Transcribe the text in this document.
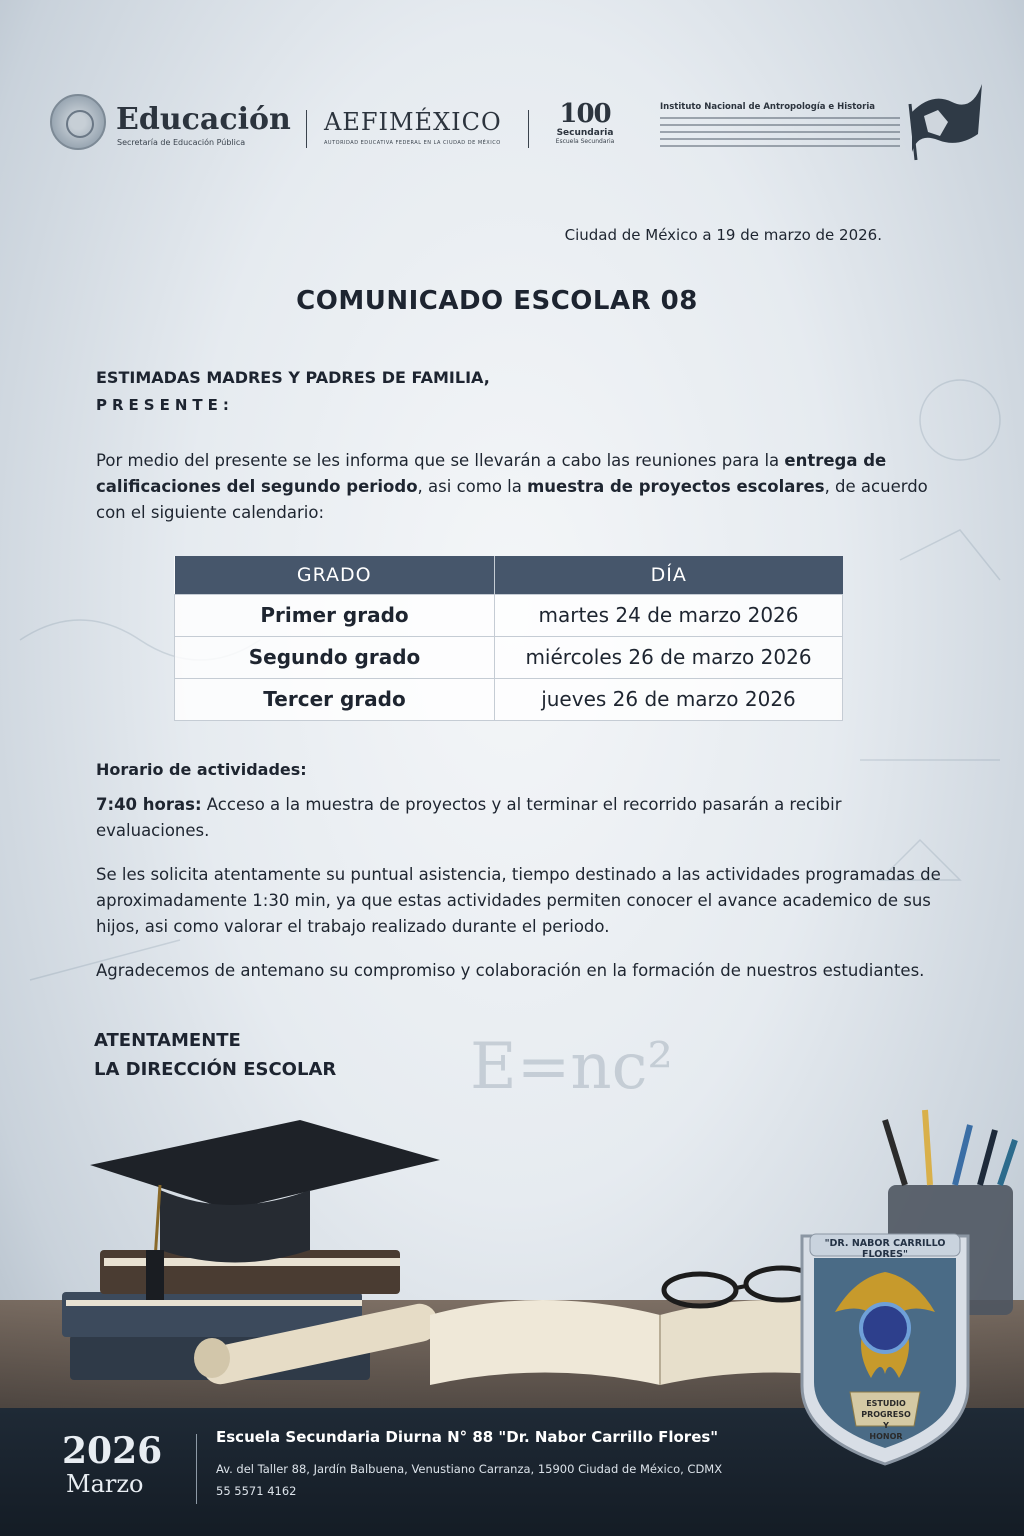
E=nc²
Educación
Secretaría de Educación Pública
AEFIMÉXICO
AUTORIDAD EDUCATIVA FEDERAL EN LA CIUDAD DE MÉXICO
100
Secundaria
Escuela Secundaria
Instituto Nacional de Antropología e Historia
Ciudad de México a 19 de marzo de 2026.
COMUNICADO ESCOLAR 08
ESTIMADAS MADRES Y PADRES DE FAMILIA,
PRESENTE:
Por medio del presente se les informa que se llevarán a cabo las reuniones para la entrega de calificaciones del segundo periodo, asi como la muestra de proyectos escolares, de acuerdo con el siguiente calendario:
GRADO	DÍA
Primer grado	martes 24 de marzo 2026
Segundo grado	miércoles 26 de marzo 2026
Tercer grado	jueves 26 de marzo 2026
Horario de actividades:
7:40 horas: Acceso a la muestra de proyectos y al terminar el recorrido pasarán a recibir evaluaciones.
Se les solicita atentamente su puntual asistencia, tiempo destinado a las actividades programadas de aproximadamente 1:30 min, ya que estas actividades permiten conocer el avance academico de sus hijos, asi como valorar el trabajo realizado durante el periodo.
Agradecemos de antemano su compromiso y colaboración en la formación de nuestros estudiantes.
ATENTAMENTE
LA DIRECCIÓN ESCOLAR
2026
Marzo
Escuela Secundaria Diurna N° 88 "Dr. Nabor Carrillo Flores"
Av. del Taller 88, Jardín Balbuena, Venustiano Carranza, 15900 Ciudad de México, CDMX
55 5571 4162
"DR. NABOR CARRILLO FLORES"
ESTUDIO
PROGRESO
Y
HONOR
